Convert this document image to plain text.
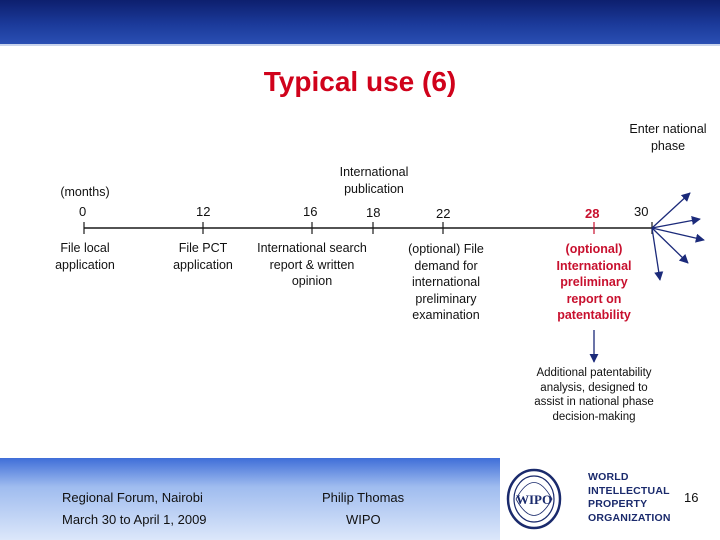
Typical use (6)
(months)
International publication
Enter national phase
0	12	16	18	22	28	30
File local application
File PCT application
International search report & written opinion
(optional) File demand for international preliminary examination
(optional) International preliminary report on patentability
Additional patentability analysis, designed to assist in national phase decision-making
Regional Forum, Nairobi
March 30 to April 1, 2009
Philip Thomas
WIPO
WIPO
WORLD
INTELLECTUAL
PROPERTY
ORGANIZATION
16
